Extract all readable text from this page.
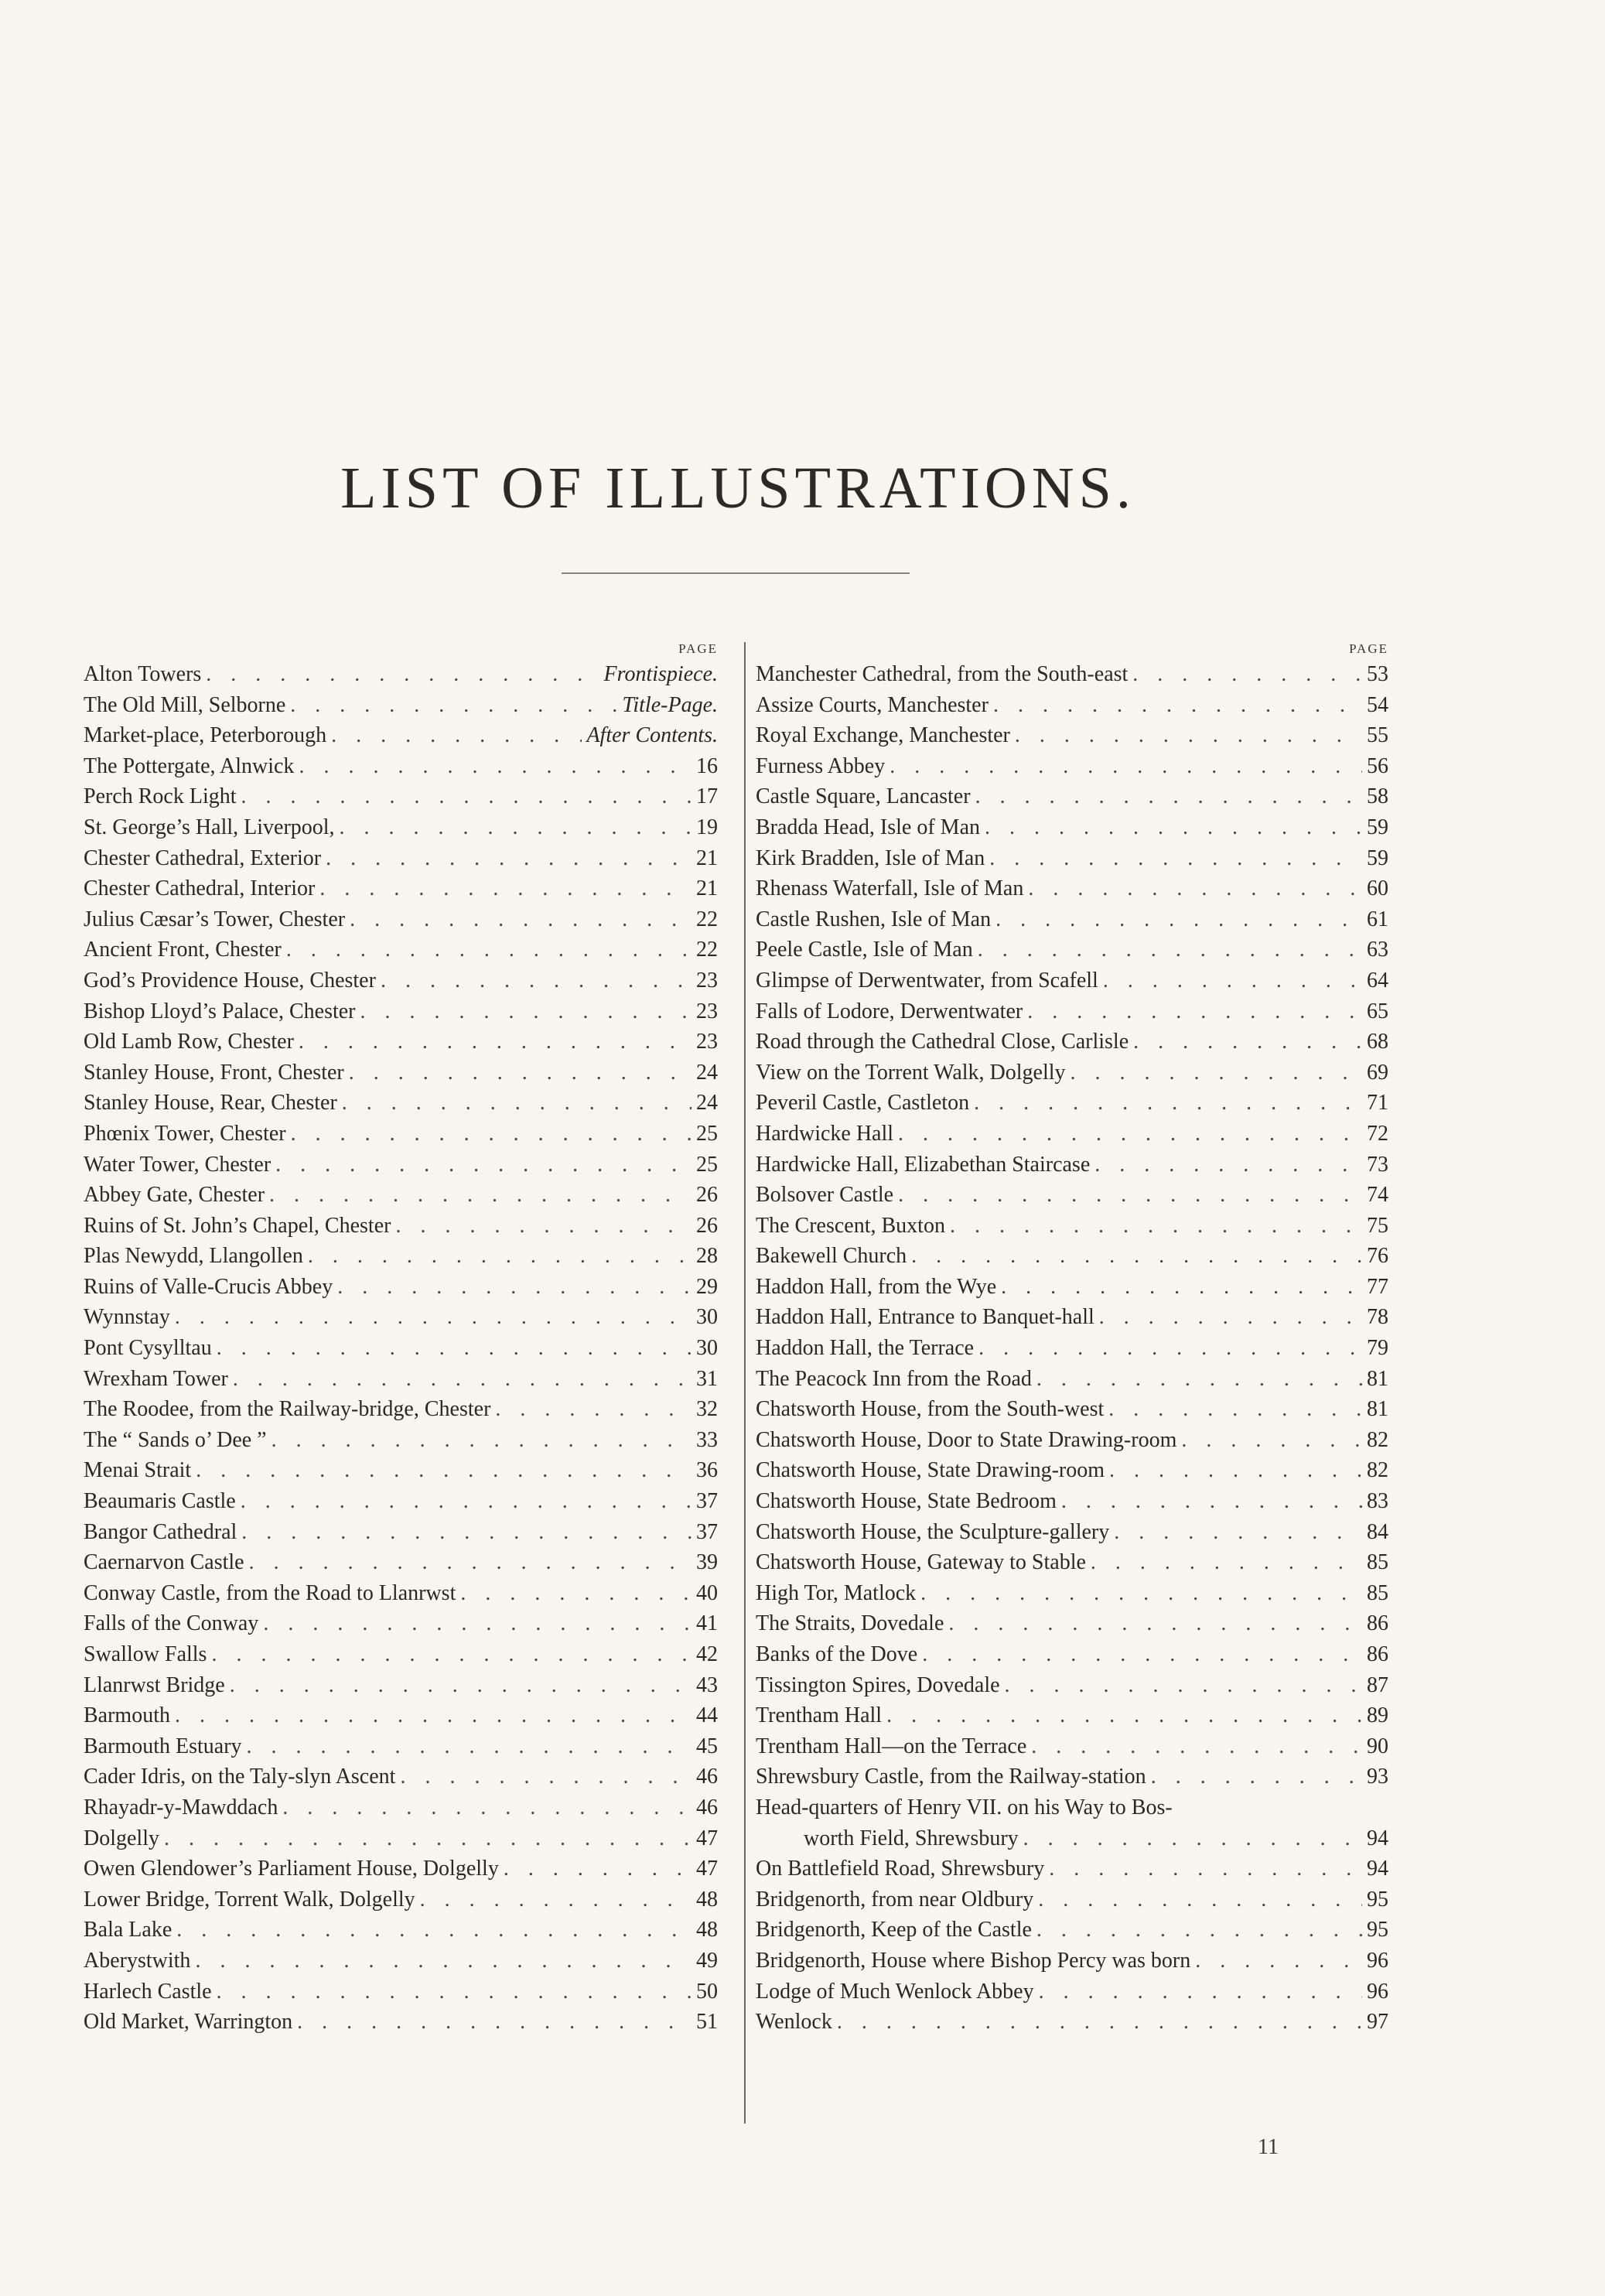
LIST OF ILLUSTRATIONS.
PAGE
Alton Towers . . .	Frontispiece.
The Old Mill, Selborne . . .	Title-Page.
Market-place, Peterborough . . .	After Contents.
The Pottergate, Alnwick . . .	16
Perch Rock Light . . .	17
St. George’s Hall, Liverpool, . . .	19
Chester Cathedral, Exterior . . .	21
Chester Cathedral, Interior . . .	21
Julius Cæsar’s Tower, Chester . . .	22
Ancient Front, Chester . . .	22
God’s Providence House, Chester . . .	23
Bishop Lloyd’s Palace, Chester . . .	23
Old Lamb Row, Chester . . .	23
Stanley House, Front, Chester . . .	24
Stanley House, Rear, Chester . . .	24
Phœnix Tower, Chester . . .	25
Water Tower, Chester . . .	25
Abbey Gate, Chester . . .	26
Ruins of St. John’s Chapel, Chester . . .	26
Plas Newydd, Llangollen . . .	28
Ruins of Valle-Crucis Abbey . . .	29
Wynnstay . . .	30
Pont Cysylltau . . .	30
Wrexham Tower . . .	31
The Roodee, from the Railway-bridge, Chester . . .	32
The “ Sands o’ Dee ” . . .	33
Menai Strait . . .	36
Beaumaris Castle . . .	37
Bangor Cathedral . . .	37
Caernarvon Castle . . .	39
Conway Castle, from the Road to Llanrwst . . .	40
Falls of the Conway . . .	41
Swallow Falls . . .	42
Llanrwst Bridge . . .	43
Barmouth . . .	44
Barmouth Estuary . . .	45
Cader Idris, on the Taly-slyn Ascent . . .	46
Rhayadr-y-Mawddach . . .	46
Dolgelly . . .	47
Owen Glendower’s Parliament House, Dolgelly . . .	47
Lower Bridge, Torrent Walk, Dolgelly . . .	48
Bala Lake . . .	48
Aberystwith . . .	49
Harlech Castle . . .	50
Old Market, Warrington . . .	51
PAGE
Manchester Cathedral, from the South-east . . .	53
Assize Courts, Manchester . . .	54
Royal Exchange, Manchester . . .	55
Furness Abbey . . .	56
Castle Square, Lancaster . . .	58
Bradda Head, Isle of Man . . .	59
Kirk Bradden, Isle of Man . . .	59
Rhenass Waterfall, Isle of Man . . .	60
Castle Rushen, Isle of Man . . .	61
Peele Castle, Isle of Man . . .	63
Glimpse of Derwentwater, from Scafell . . .	64
Falls of Lodore, Derwentwater . . .	65
Road through the Cathedral Close, Carlisle . . .	68
View on the Torrent Walk, Dolgelly . . .	69
Peveril Castle, Castleton . . .	71
Hardwicke Hall . . .	72
Hardwicke Hall, Elizabethan Staircase . . .	73
Bolsover Castle . . .	74
The Crescent, Buxton . . .	75
Bakewell Church . . .	76
Haddon Hall, from the Wye . . .	77
Haddon Hall, Entrance to Banquet-hall . . .	78
Haddon Hall, the Terrace . . .	79
The Peacock Inn from the Road . . .	81
Chatsworth House, from the South-west . . .	81
Chatsworth House, Door to State Drawing-room . . .	82
Chatsworth House, State Drawing-room . . .	82
Chatsworth House, State Bedroom . . .	83
Chatsworth House, the Sculpture-gallery . . .	84
Chatsworth House, Gateway to Stable . . .	85
High Tor, Matlock . . .	85
The Straits, Dovedale . . .	86
Banks of the Dove . . .	86
Tissington Spires, Dovedale . . .	87
Trentham Hall . . .	89
Trentham Hall—on the Terrace . . .	90
Shrewsbury Castle, from the Railway-station . . .	93
Head-quarters of Henry VII. on his Way to Bos-
worth Field, Shrewsbury . . .	94
On Battlefield Road, Shrewsbury . . .	94
Bridgenorth, from near Oldbury . . .	95
Bridgenorth, Keep of the Castle . . .	95
Bridgenorth, House where Bishop Percy was born . . .	96
Lodge of Much Wenlock Abbey . . .	96
Wenlock . . .	97
11
